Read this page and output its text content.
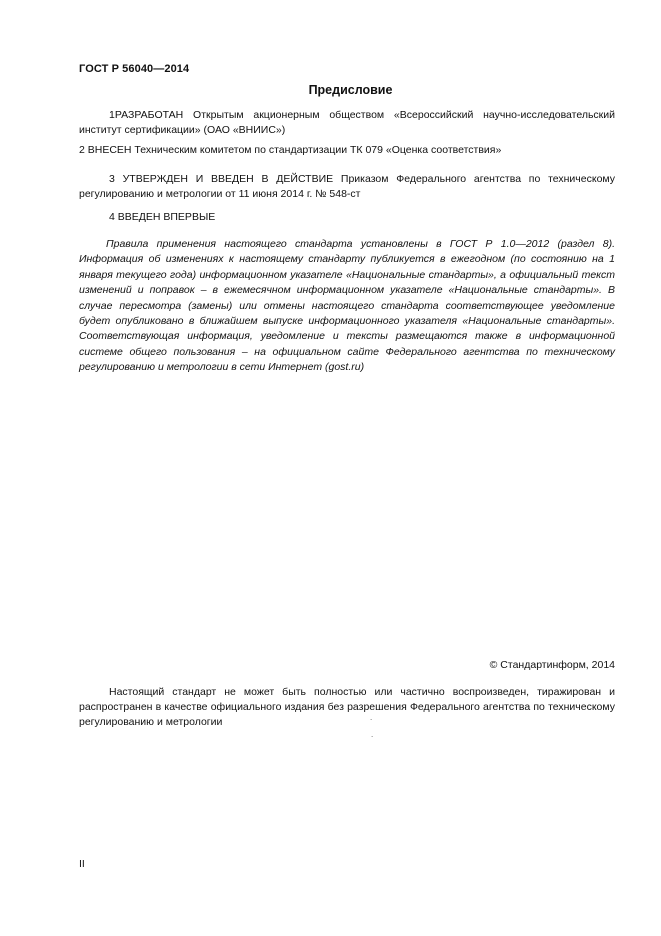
ГОСТ Р 56040—2014
Предисловие

1РАЗРАБОТАН Открытым акционерным обществом «Всероссийский научно-исследовательский институт сертификации» (ОАО «ВНИИС»)

2 ВНЕСЕН Техническим комитетом по стандартизации ТК 079 «Оценка соответствия»

3 УТВЕРЖДЕН И ВВЕДЕН В ДЕЙСТВИЕ Приказом Федерального агентства по техническому регулированию и метрологии от 11 июня 2014 г. № 548-ст

4 ВВЕДЕН ВПЕРВЫЕ

Правила применения настоящего стандарта установлены в ГОСТ Р 1.0—2012 (раздел 8). Информация об изменениях к настоящему стандарту публикуется в ежегодном (по состоянию на 1 января текущего года) информационном указателе «Национальные стандарты», а официальный текст изменений и поправок – в ежемесячном информационном указателе «Национальные стандарты». В случае пересмотра (замены) или отмены настоящего стандарта соответствующее уведомление будет опубликовано в ближайшем выпуске информационного указателя «Национальные стандарты». Соответствующая информация, уведомление и тексты размещаются также в информационной системе общего пользования – на официальном сайте Федерального агентства по техническому регулированию и метрологии в сети Интернет (gost.ru)

© Стандартинформ, 2014

Настоящий стандарт не может быть полностью или частично воспроизведен, тиражирован и распространен в качестве официального издания без разрешения Федерального агентства по техническому регулированию и метрологии	.
.
II
